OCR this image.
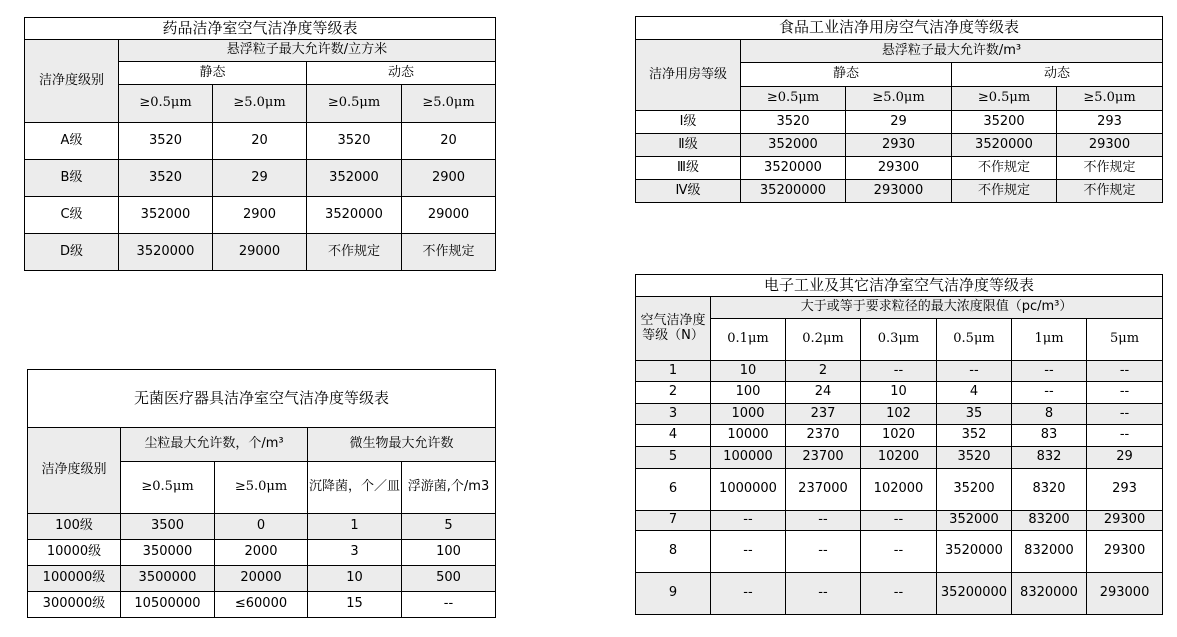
药品洁净室空气洁净度等级表				
洁净度级别	悬浮粒子最大允许数/立方米			
	静态		动态	
	≥0.5μm	≥5.0μm	≥0.5μm	≥5.0μm
A级	3520	20	3520	20
B级	3520	29	352000	2900
C级	352000	2900	3520000	29000
D级	3520000	29000	不作规定	不作规定
食品工业洁净用房空气洁净度等级表				
洁净用房等级	悬浮粒子最大允许数/m³			
	静态		动态	
	≥0.5μm	≥5.0μm	≥0.5μm	≥5.0μm
Ⅰ级	3520	29	35200	293
Ⅱ级	352000	2930	3520000	29300
Ⅲ级	3520000	29300	不作规定	不作规定
Ⅳ级	35200000	293000	不作规定	不作规定
无菌医疗器具洁净室空气洁净度等级表				
洁净度级别	尘粒最大允许数，个/m³		微生物最大允许数	
	≥0.5μm	≥5.0μm	沉降菌，个／皿	浮游菌,个/m3
100级	3500	0	1	5
10000级	350000	2000	3	100
100000级	3500000	20000	10	500
300000级	10500000	≤60000	15	--
电子工业及其它洁净室空气洁净度等级表						
空气洁净度等级（N）	大于或等于要求粒径的最大浓度限值（pc/m³）					
	0.1μm	0.2μm	0.3μm	0.5μm	1μm	5μm
1	10	2	--	--	--	--
2	100	24	10	4	--	--
3	1000	237	102	35	8	--
4	10000	2370	1020	352	83	--
5	100000	23700	10200	3520	832	29
6	1000000	237000	102000	35200	8320	293
7	--	--	--	352000	83200	29300
8	--	--	--	3520000	832000	29300
9	--	--	--	35200000	8320000	293000
